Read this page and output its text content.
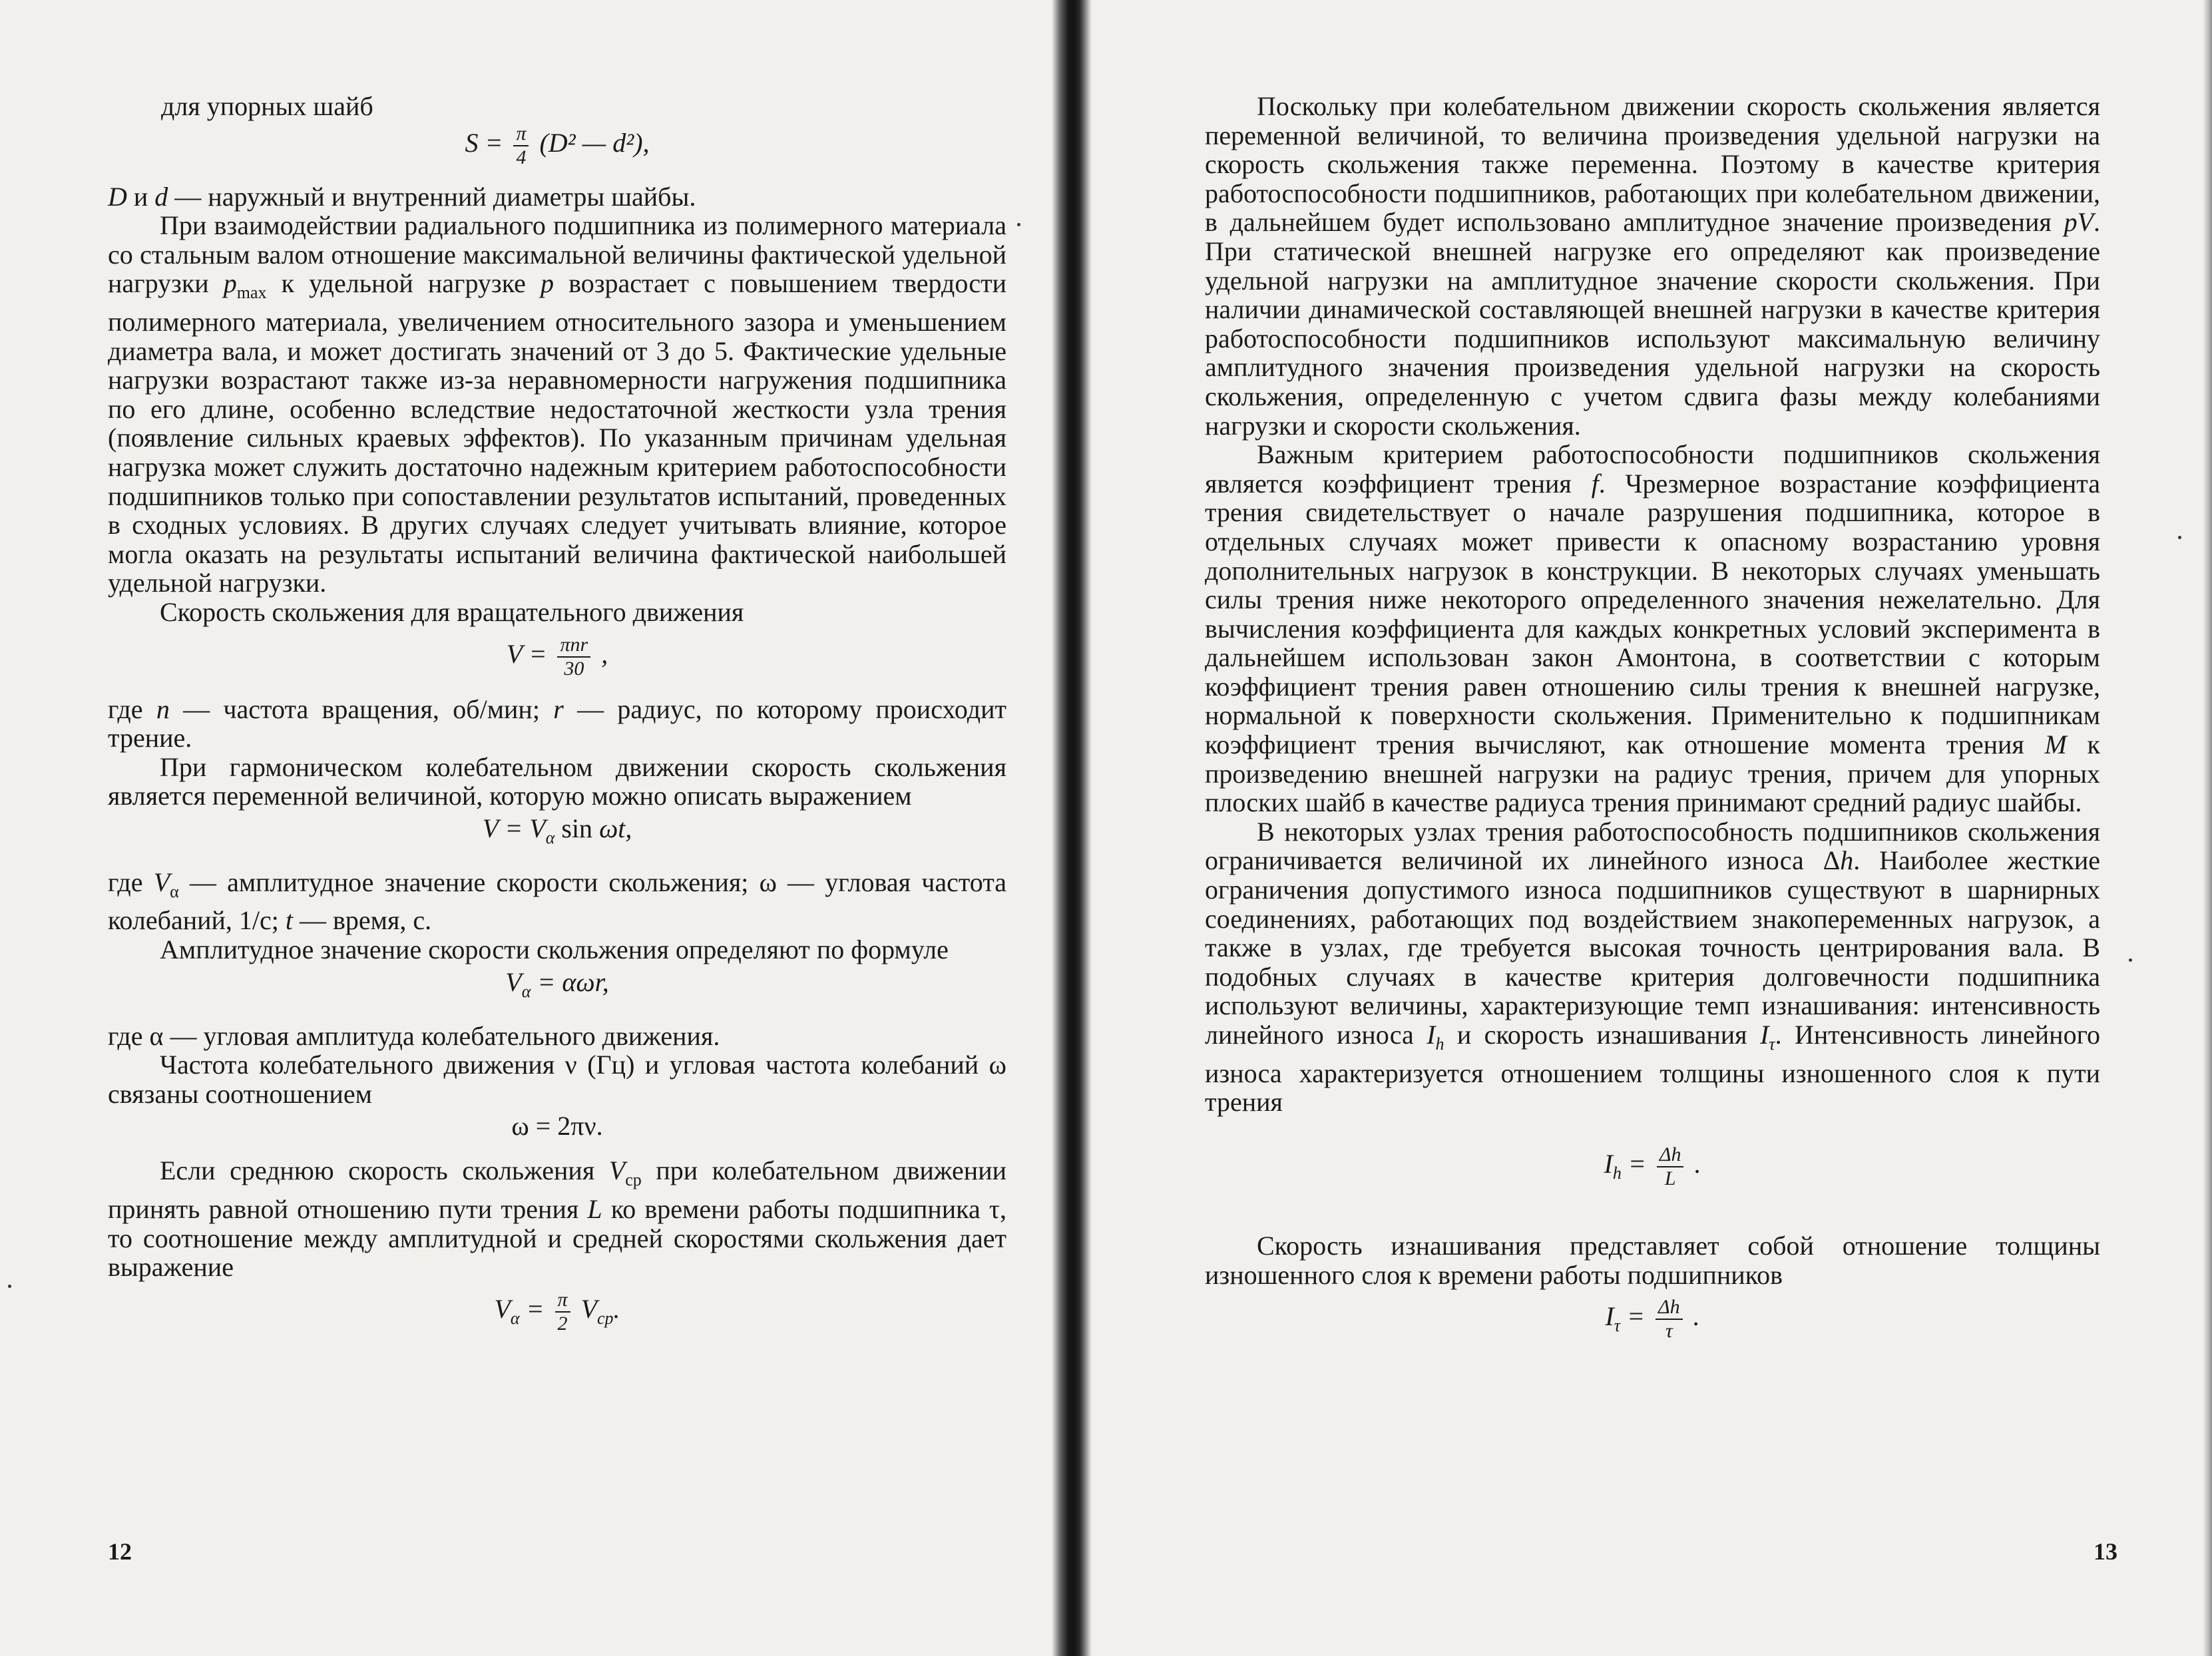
для упорных шайб

$S = \frac{\pi}{4} (D^2$ — d²),

D и d — наружный и внутренний диаметры шайбы.

При взаимодействии радиального подшипника из полимерного материала со стальным валом отношение максимальной величины фактической удельной нагрузки $p_{max}$ к удельной нагрузке p возрастает с повышением твердости полимерного материала, увеличением относительного зазора и уменьшением диаметра вала, и может достигать значений от 3 до 5. Фактические удельные нагрузки возрастают также из-за неравномерности нагружения подшипника по его длине, особенно вследствие недостаточной жесткости узла трения (появление сильных краевых эффектов). По указанным причинам удельная нагрузка может служить достаточно надежным критерием работоспособности подшипников только при сопоставлении результатов испытаний, проведенных в сходных условиях. В других случаях следует учитывать влияние, которое могла оказать на результаты испытаний величина фактической наибольшей удельной нагрузки.

Скорость скольжения для вращательного движения

$V = \frac{\text{πnr}}{30}$ ,

где n — частота вращения, об/мин; r — радиус, по которому происходит трение.

При гармоническом колебательном движении скорость скольжения является переменной величиной, которую можно описать выражением

$V = V_\alpha$ sin ωt,

где $V_\alpha$ — амплитудное значение скорости скольжения; ω — угловая частота колебаний, 1/с; t — время, с.

Амплитудное значение скорости скольжения определяют по формуле

$V_\alpha = \alpha\omega r$,

где α — угловая амплитуда колебательного движения.

Частота колебательного движения ν (Гц) и угловая частота колебаний ω связаны соотношением

ω = 2πν.

Если среднюю скорость скольжения $V_{ср}$ при колебательном движении принять равной отношению пути трения L ко времени работы подшипника τ, то соотношение между амплитудной и средней скоростями скольжения дает выражение

$V_\alpha = \frac{\pi}{2} V_{ср}$.
12

Поскольку при колебательном движении скорость скольжения является переменной величиной, то величина произведения удельной нагрузки на скорость скольжения также переменна. Поэтому в качестве критерия работоспособности подшипников, работающих при колебательном движении, в дальнейшем будет использовано амплитудное значение произведения pV. При статической внешней нагрузке его определяют как произведение удельной нагрузки на амплитудное значение скорости скольжения. При наличии динамической составляющей внешней нагрузки в качестве критерия работоспособности подшипников используют максимальную величину амплитудного значения произведения удельной нагрузки на скорость скольжения, определенную с учетом сдвига фазы между колебаниями нагрузки и скорости скольжения.

Важным критерием работоспособности подшипников скольжения является коэффициент трения f. Чрезмерное возрастание коэффициента трения свидетельствует о начале разрушения подшипника, которое в отдельных случаях может привести к опасному возрастанию уровня дополнительных нагрузок в конструкции. В некоторых случаях уменьшать силы трения ниже некоторого определенного значения нежелательно. Для вычисления коэффициента для каждых конкретных условий эксперимента в дальнейшем использован закон Амонтона, в соответствии с которым коэффициент трения равен отношению силы трения к внешней нагрузке, нормальной к поверхности скольжения. Применительно к подшипникам коэффициент трения вычисляют, как отношение момента трения M к произведению внешней нагрузки на радиус трения, причем для упорных плоских шайб в качестве радиуса трения принимают средний радиус шайбы.

В некоторых узлах трения работоспособность подшипников скольжения ограничивается величиной их линейного износа Δh. Наиболее жесткие ограничения допустимого износа подшипников существуют в шарнирных соединениях, работающих под воздействием знакопеременных нагрузок, а также в узлах, где требуется высокая точность центрирования вала. В подобных случаях в качестве критерия долговечности подшипника используют величины, характеризующие темп изнашивания: интенсивность линейного износа $I_h$ и скорость изнашивания $I_\tau$. Интенсивность линейного износа характеризуется отношением толщины изношенного слоя к пути трения

$I_h = \frac{\Delta h}{L}$ .

Скорость изнашивания представляет собой отношение толщины изношенного слоя к времени работы подшипников

$I_\tau = \frac{\Delta h}{\tau}$ .
13
